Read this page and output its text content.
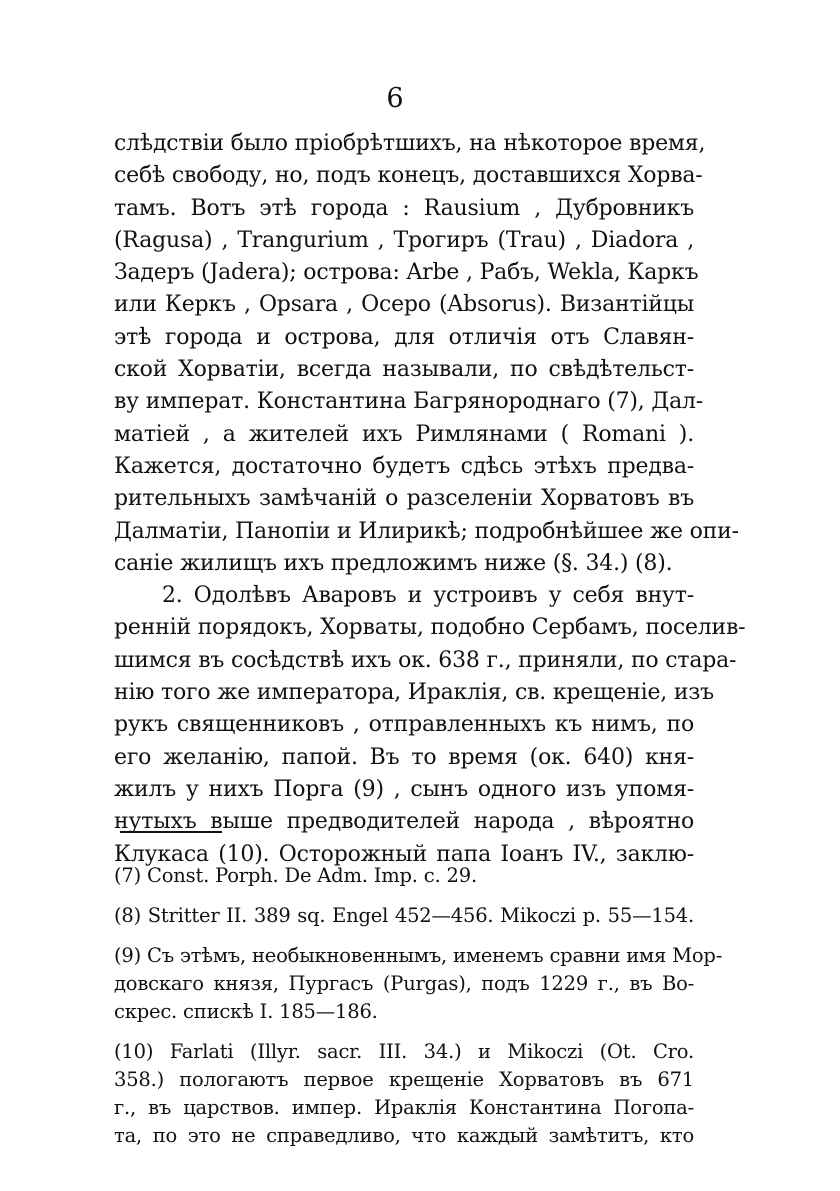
6
слѣдствіи было пріобрѣтшихъ, на нѣкоторое время,
себѣ свободу, но, подъ конецъ, доставшихся Хорва-
тамъ. Вотъ этѣ города : Rausium , Дубровникъ
(Ragusa) , Trangurium , Трогиръ (Trau) , Diadora ,
Задеръ (Jadera); острова: Arbe , Рабъ, Wekla, Каркъ
или Керкъ , Opsara , Осеро (Absorus). Византійцы
этѣ города и острова, для отличія отъ Славян-
ской Хорватіи, всегда называли, по свѣдѣтельст-
ву императ. Константина Багрянороднаго (7), Дал-
матіей , а жителей ихъ Римлянами ( Romani ).
Кажется, достаточно будетъ сдѣсь этѣхъ предва-
рительныхъ замѣчаній о разселеніи Хорватовъ въ
Далматіи, Панопіи и Илирикѣ; подробнѣйшее же опи-
саніе жилищъ ихъ предложимъ ниже (§. 34.) (8).
2. Одолѣвъ Аваровъ и устроивъ у себя внут-
ренній порядокъ, Хорваты, подобно Сербамъ, поселив-
шимся въ сосѣдствѣ ихъ ок. 638 г., приняли, по стара-
нію того же императора, Ираклія, св. крещеніе, изъ
рукъ священниковъ , отправленныхъ къ нимъ, по
его желанію, папой. Въ то время (ок. 640) кня-
жилъ у нихъ Порга (9) , сынъ одного изъ упомя-
нутыхъ выше предводителей народа , вѣроятно
Клукаса (10). Осторожный папа Іоанъ IV., заклю-
(7) Const. Porph. De Adm. Imp. c. 29.
(8) Stritter II. 389 sq. Engel 452—456. Mikoczi p. 55—154.
(9) Съ этѣмъ, необыкновеннымъ, именемъ сравни имя Мор-
довскаго князя, Пургасъ (Purgas), подъ 1229 г., въ Во-
скрес. спискѣ I. 185—186.
(10) Farlati (Illyr. sacr. III. 34.) и Mikoczi (Ot. Cro.
358.) пологаютъ первое крещеніе Хорватовъ въ 671
г., въ царствов. импер. Ираклія Константина Погопа-
та, по это не справедливо, что каждый замѣтитъ, кто
